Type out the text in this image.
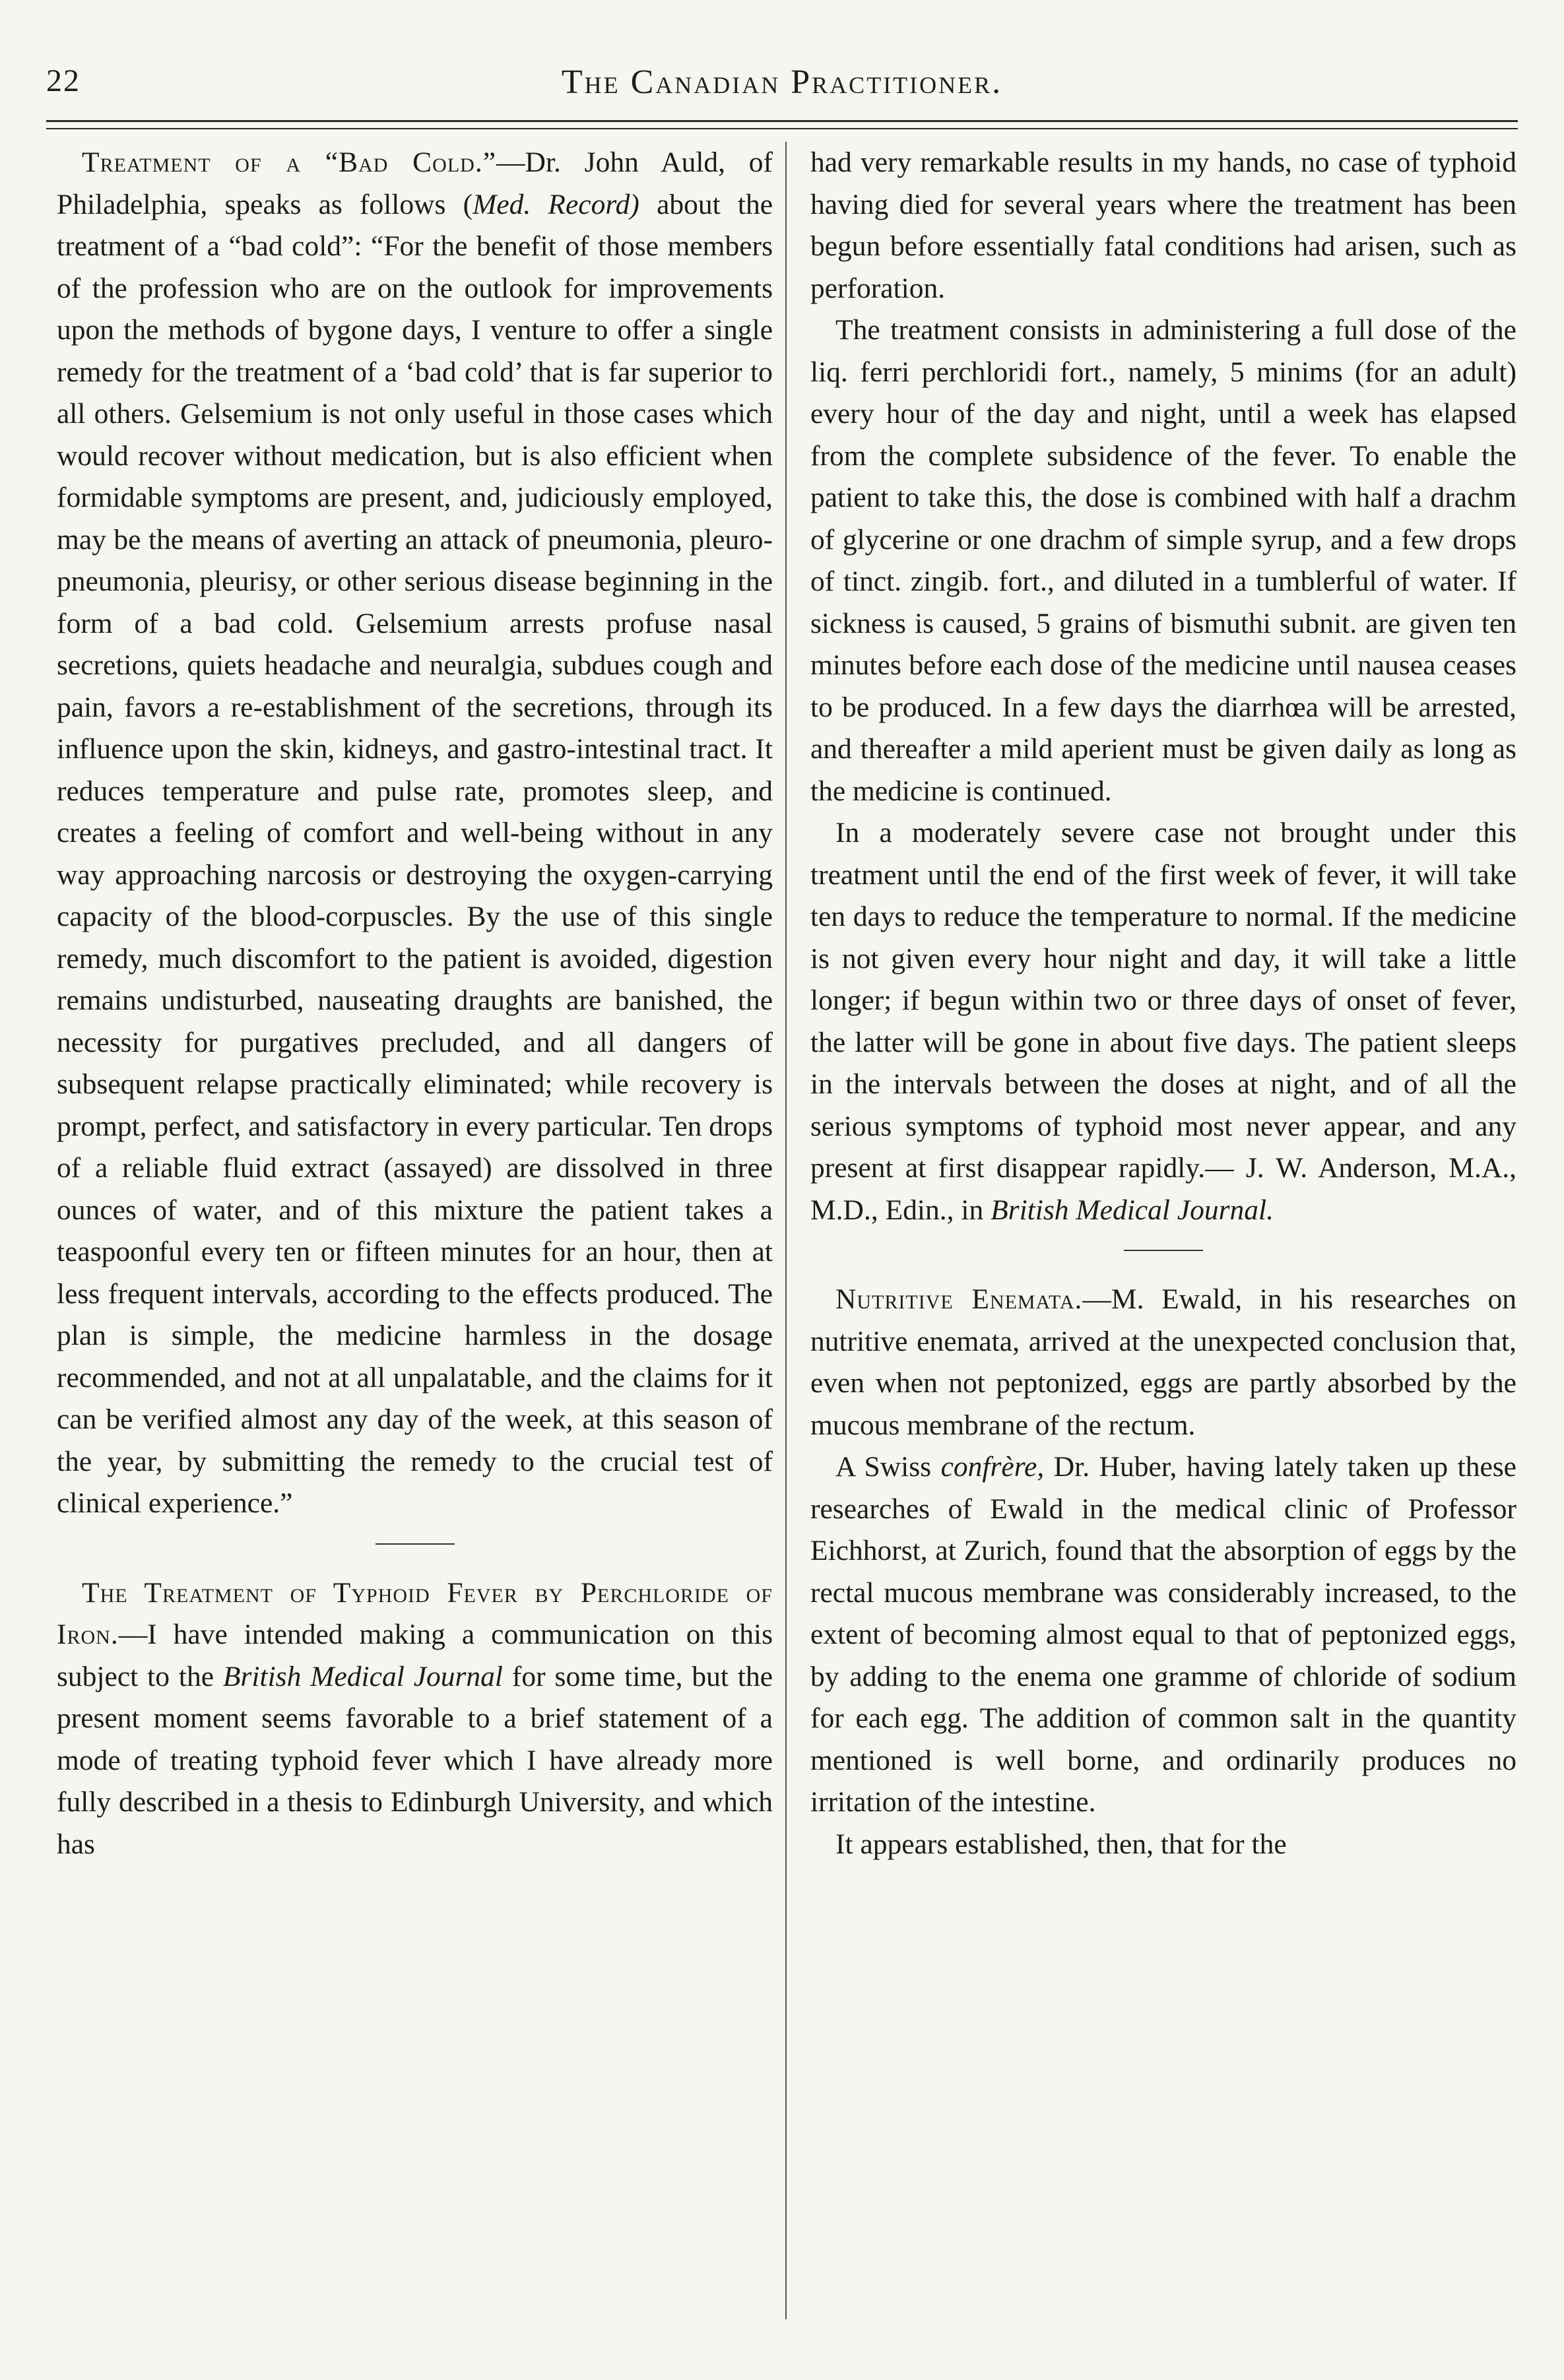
22	The Canadian Practitioner.

Treatment of a “Bad Cold.”—Dr. John Auld, of Philadelphia, speaks as follows (Med. Record) about the treatment of a “bad cold”: “For the benefit of those members of the profession who are on the outlook for improvements upon the methods of bygone days, I venture to offer a single remedy for the treatment of a ‘bad cold’ that is far superior to all others. Gelsemium is not only useful in those cases which would recover without medication, but is also efficient when formidable symptoms are present, and, judiciously employed, may be the means of averting an attack of pneumonia, pleuro-pneumonia, pleurisy, or other serious disease beginning in the form of a bad cold. Gelsemium arrests profuse nasal secretions, quiets headache and neuralgia, subdues cough and pain, favors a re-establishment of the secretions, through its influence upon the skin, kidneys, and gastro-intestinal tract. It reduces temperature and pulse rate, promotes sleep, and creates a feeling of comfort and well-being without in any way approaching narcosis or destroying the oxygen-carrying capacity of the blood-corpuscles. By the use of this single remedy, much discomfort to the patient is avoided, digestion remains undisturbed, nauseating draughts are banished, the necessity for purgatives precluded, and all dangers of subsequent relapse practically eliminated; while recovery is prompt, perfect, and satisfactory in every particular. Ten drops of a reliable fluid extract (assayed) are dissolved in three ounces of water, and of this mixture the patient takes a teaspoonful every ten or fifteen minutes for an hour, then at less frequent intervals, according to the effects produced. The plan is simple, the medicine harmless in the dosage recommended, and not at all unpalatable, and the claims for it can be verified almost any day of the week, at this season of the year, by submitting the remedy to the crucial test of clinical experience.”

The Treatment of Typhoid Fever by Perchloride of Iron.—I have intended making a communication on this subject to the British Medical Journal for some time, but the present moment seems favorable to a brief statement of a mode of treating typhoid fever which I have already more fully described in a thesis to Edinburgh University, and which has

had very remarkable results in my hands, no case of typhoid having died for several years where the treatment has been begun before essentially fatal conditions had arisen, such as perforation.

The treatment consists in administering a full dose of the liq. ferri perchloridi fort., namely, 5 minims (for an adult) every hour of the day and night, until a week has elapsed from the complete subsidence of the fever. To enable the patient to take this, the dose is combined with half a drachm of glycerine or one drachm of simple syrup, and a few drops of tinct. zingib. fort., and diluted in a tumblerful of water. If sickness is caused, 5 grains of bismuthi subnit. are given ten minutes before each dose of the medicine until nausea ceases to be produced. In a few days the diarrhœa will be arrested, and thereafter a mild aperient must be given daily as long as the medicine is continued.

In a moderately severe case not brought under this treatment until the end of the first week of fever, it will take ten days to reduce the temperature to normal. If the medicine is not given every hour night and day, it will take a little longer; if begun within two or three days of onset of fever, the latter will be gone in about five days. The patient sleeps in the intervals between the doses at night, and of all the serious symptoms of typhoid most never appear, and any present at first disappear rapidly.— J. W. Anderson, M.A., M.D., Edin., in British Medical Journal.

Nutritive Enemata.—M. Ewald, in his researches on nutritive enemata, arrived at the unexpected conclusion that, even when not peptonized, eggs are partly absorbed by the mucous membrane of the rectum.

A Swiss confrère, Dr. Huber, having lately taken up these researches of Ewald in the medical clinic of Professor Eichhorst, at Zurich, found that the absorption of eggs by the rectal mucous membrane was considerably increased, to the extent of becoming almost equal to that of peptonized eggs, by adding to the enema one gramme of chloride of sodium for each egg. The addition of common salt in the quantity mentioned is well borne, and ordinarily produces no irritation of the intestine.

It appears established, then, that for the
